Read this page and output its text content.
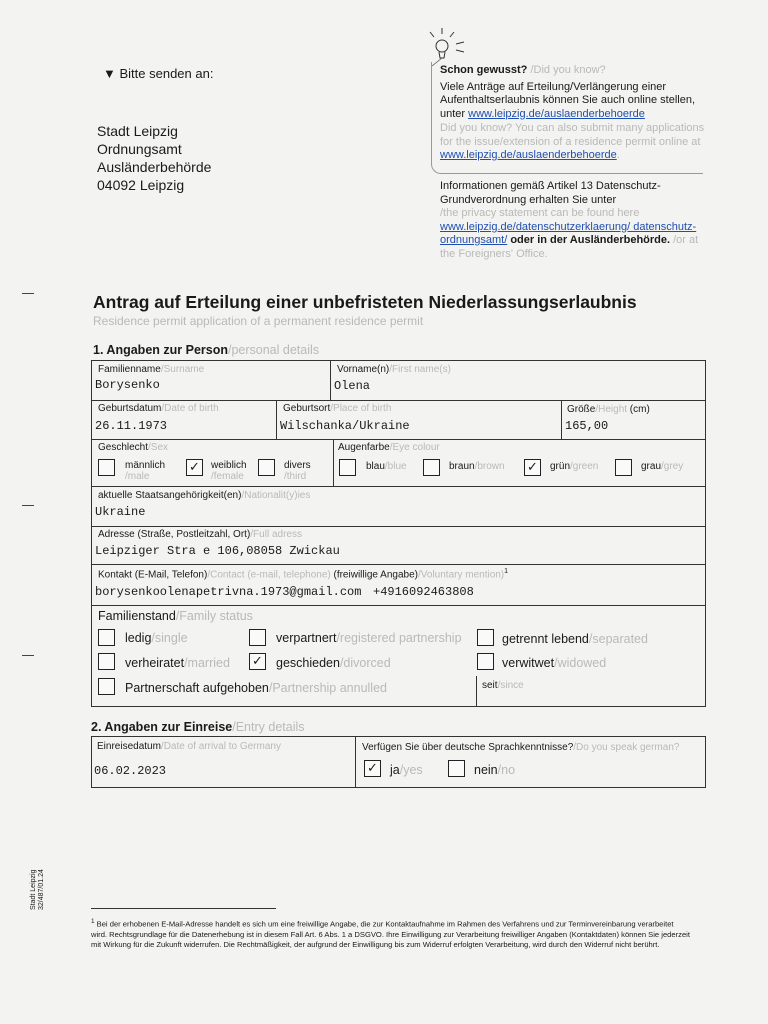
▼ Bitte senden an:
Stadt Leipzig
Ordnungsamt
Ausländerbehörde
04092 Leipzig

Schon gewusst? /Did you know?

Viele Anträge auf Erteilung/Verlängerung einer Aufenthaltserlaubnis können Sie auch online stellen, unter www.leipzig.de/auslaenderbehoerde

Did you know? You can also submit many applications for the issue/extension of a residence permit online at www.leipzig.de/auslaenderbehoerde.

Informationen gemäß Artikel 13 Datenschutz-Grundverordnung erhalten Sie unter
/the privacy statement can be found here
www.leipzig.de/datenschutzerklaerung/ datenschutz-ordnungsamt/ oder in der Ausländerbehörde. /or at the Foreigners' Office.
Antrag auf Erteilung einer unbefristeten Niederlassungserlaubnis
Residence permit application of a permanent residence permit
1. Angaben zur Person/personal details
Familienname/Surname
Borysenko
Vorname(n)/First name(s)
Olena
Geburtsdatum/Date of birth
26.11.1973
Geburtsort/Place of birth
Wilschanka/Ukraine
Größe/Height (cm)
165,00
Geschlecht/Sex
männlich
/male
✓	weiblich
/female
divers
/third
Augenfarbe/Eye colour
blau/blue	braun/brown ✓	grün/green	grau/grey
aktuelle Staatsangehörigkeit(en)/Nationalit(y)ies
Ukraine
Adresse (Straße, Postleitzahl, Ort)/Full adress
Leipziger Stra e 106,08058 Zwickau
Kontakt (E-Mail, Telefon)/Contact (e-mail, telephone) (freiwillige Angabe)/Voluntary mention)$^1$
borysenkoolenapetrivna.1973@gmail.com +4916092463808
Familienstand/Family status
ledig/single	verpartnert/registered partnership	getrennt lebend/separated
verheiratet/married ✓ geschieden/divorced	verwitwet/widowed
Partnerschaft aufgehoben/Partnership annulled	seit/since
2. Angaben zur Einreise/Entry details
Einreisedatum/Date of arrival to Germany
06.02.2023
Verfügen Sie über deutsche Sprachkenntnisse?/Do you speak german?
✓ ja/yes	nein/no
Stadt Leipzig 32/487/01.24
$^1$ Bei der erhobenen E-Mail-Adresse handelt es sich um eine freiwillige Angabe, die zur Kontaktaufnahme im Rahmen des Verfahrens und zur Terminvereinbarung verarbeitet wird. Rechtsgrundlage für die Datenerhebung ist in diesem Fall Art. 6 Abs. 1 a DSGVO. Ihre Einwilligung zur Verarbeitung freiwilliger Angaben (Kontaktdaten) können Sie jederzeit mit Wirkung für die Zukunft widerrufen. Die Rechtmäßigkeit, der aufgrund der Einwilligung bis zum Widerruf erfolgten Verarbeitung, wird durch den Widerruf nicht berührt.
